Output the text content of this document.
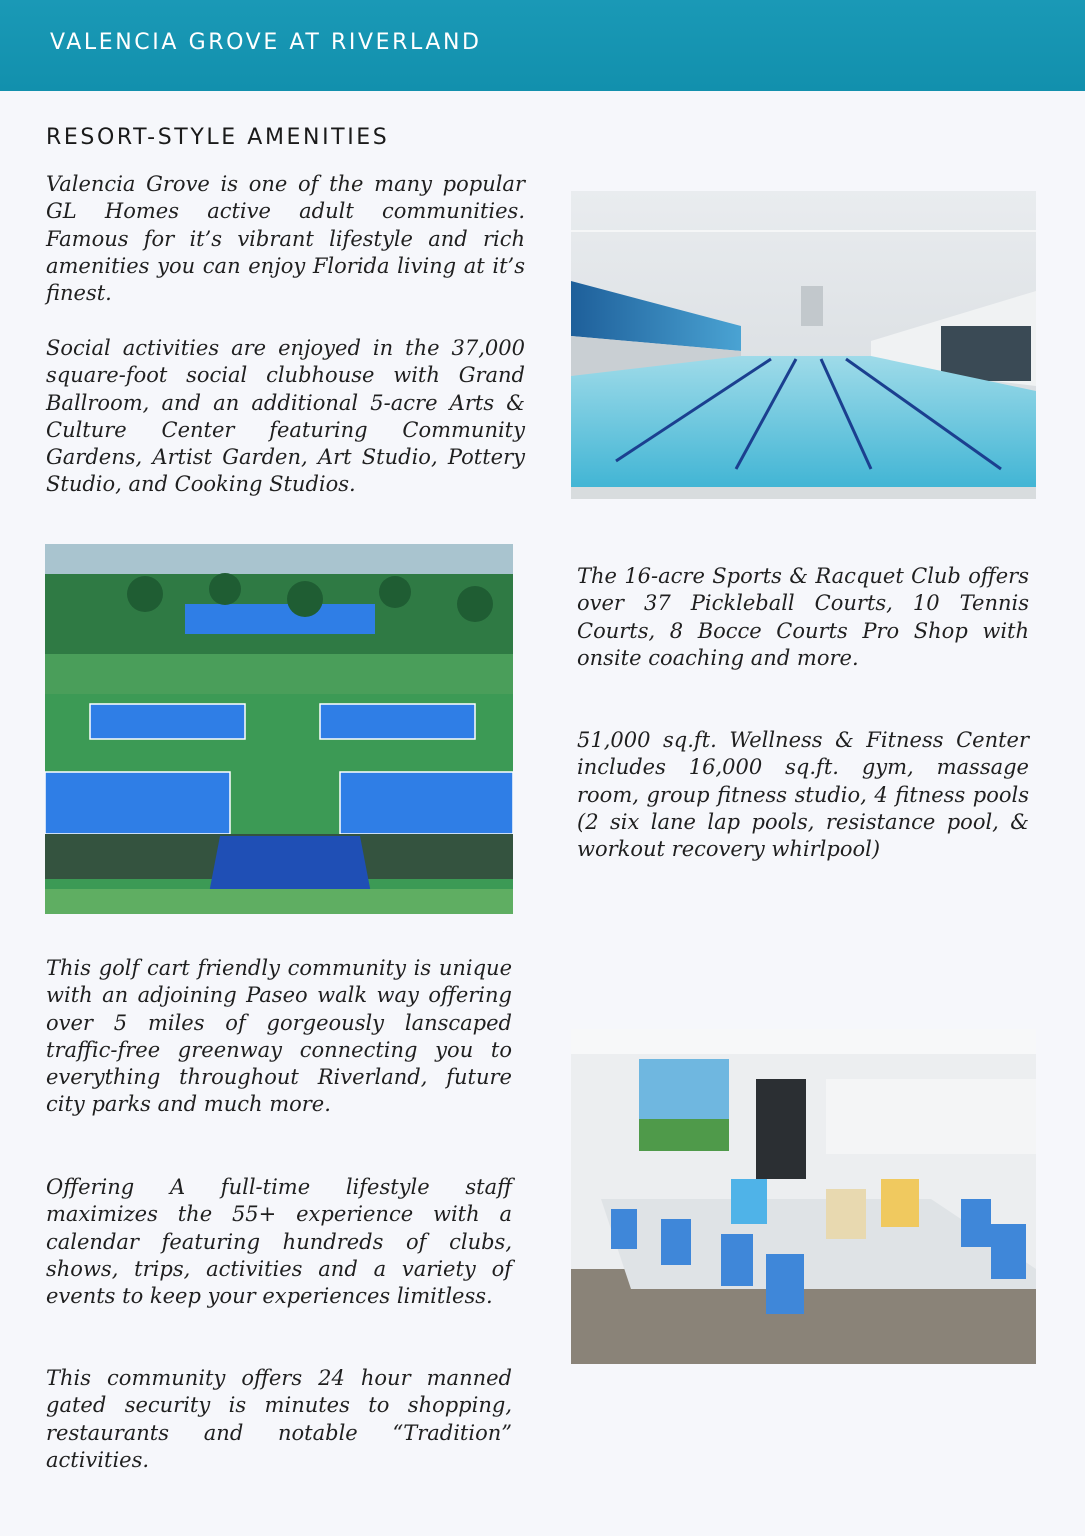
VALENCIA GROVE AT RIVERLAND
RESORT-STYLE AMENITIES

Valencia Grove is one of the many popular GL Homes active adult communities. Famous for it’s vibrant lifestyle and rich amenities you can enjoy Florida living at it’s finest.

Social activities are enjoyed in the 37,000 square-foot social clubhouse with Grand Ballroom, and an additional 5-acre Arts & Culture Center featuring Community Gardens, Artist Garden, Art Studio, Pottery Studio, and Cooking Studios.

The 16-acre Sports & Racquet Club offers over 37 Pickleball Courts, 10 Tennis Courts, 8 Bocce Courts Pro Shop with onsite coaching and more.

51,000 sq.ft. Wellness & Fitness Center includes 16,000 sq.ft. gym, massage room, group fitness studio, 4 fitness pools (2 six lane lap pools, resistance pool, & workout recovery whirlpool)

This golf cart friendly community is unique with an adjoining Paseo walk way offering over 5 miles of gorgeously lanscaped traffic-free greenway connecting you to everything throughout Riverland, future city parks and much more.

Offering A full-time lifestyle staff maximizes the 55+ experience with a calendar featuring hundreds of clubs, shows, trips, activities and a variety of events to keep your experiences limitless.

This community offers 24 hour manned gated security is minutes to shopping, restaurants and notable “Tradition” activities.
